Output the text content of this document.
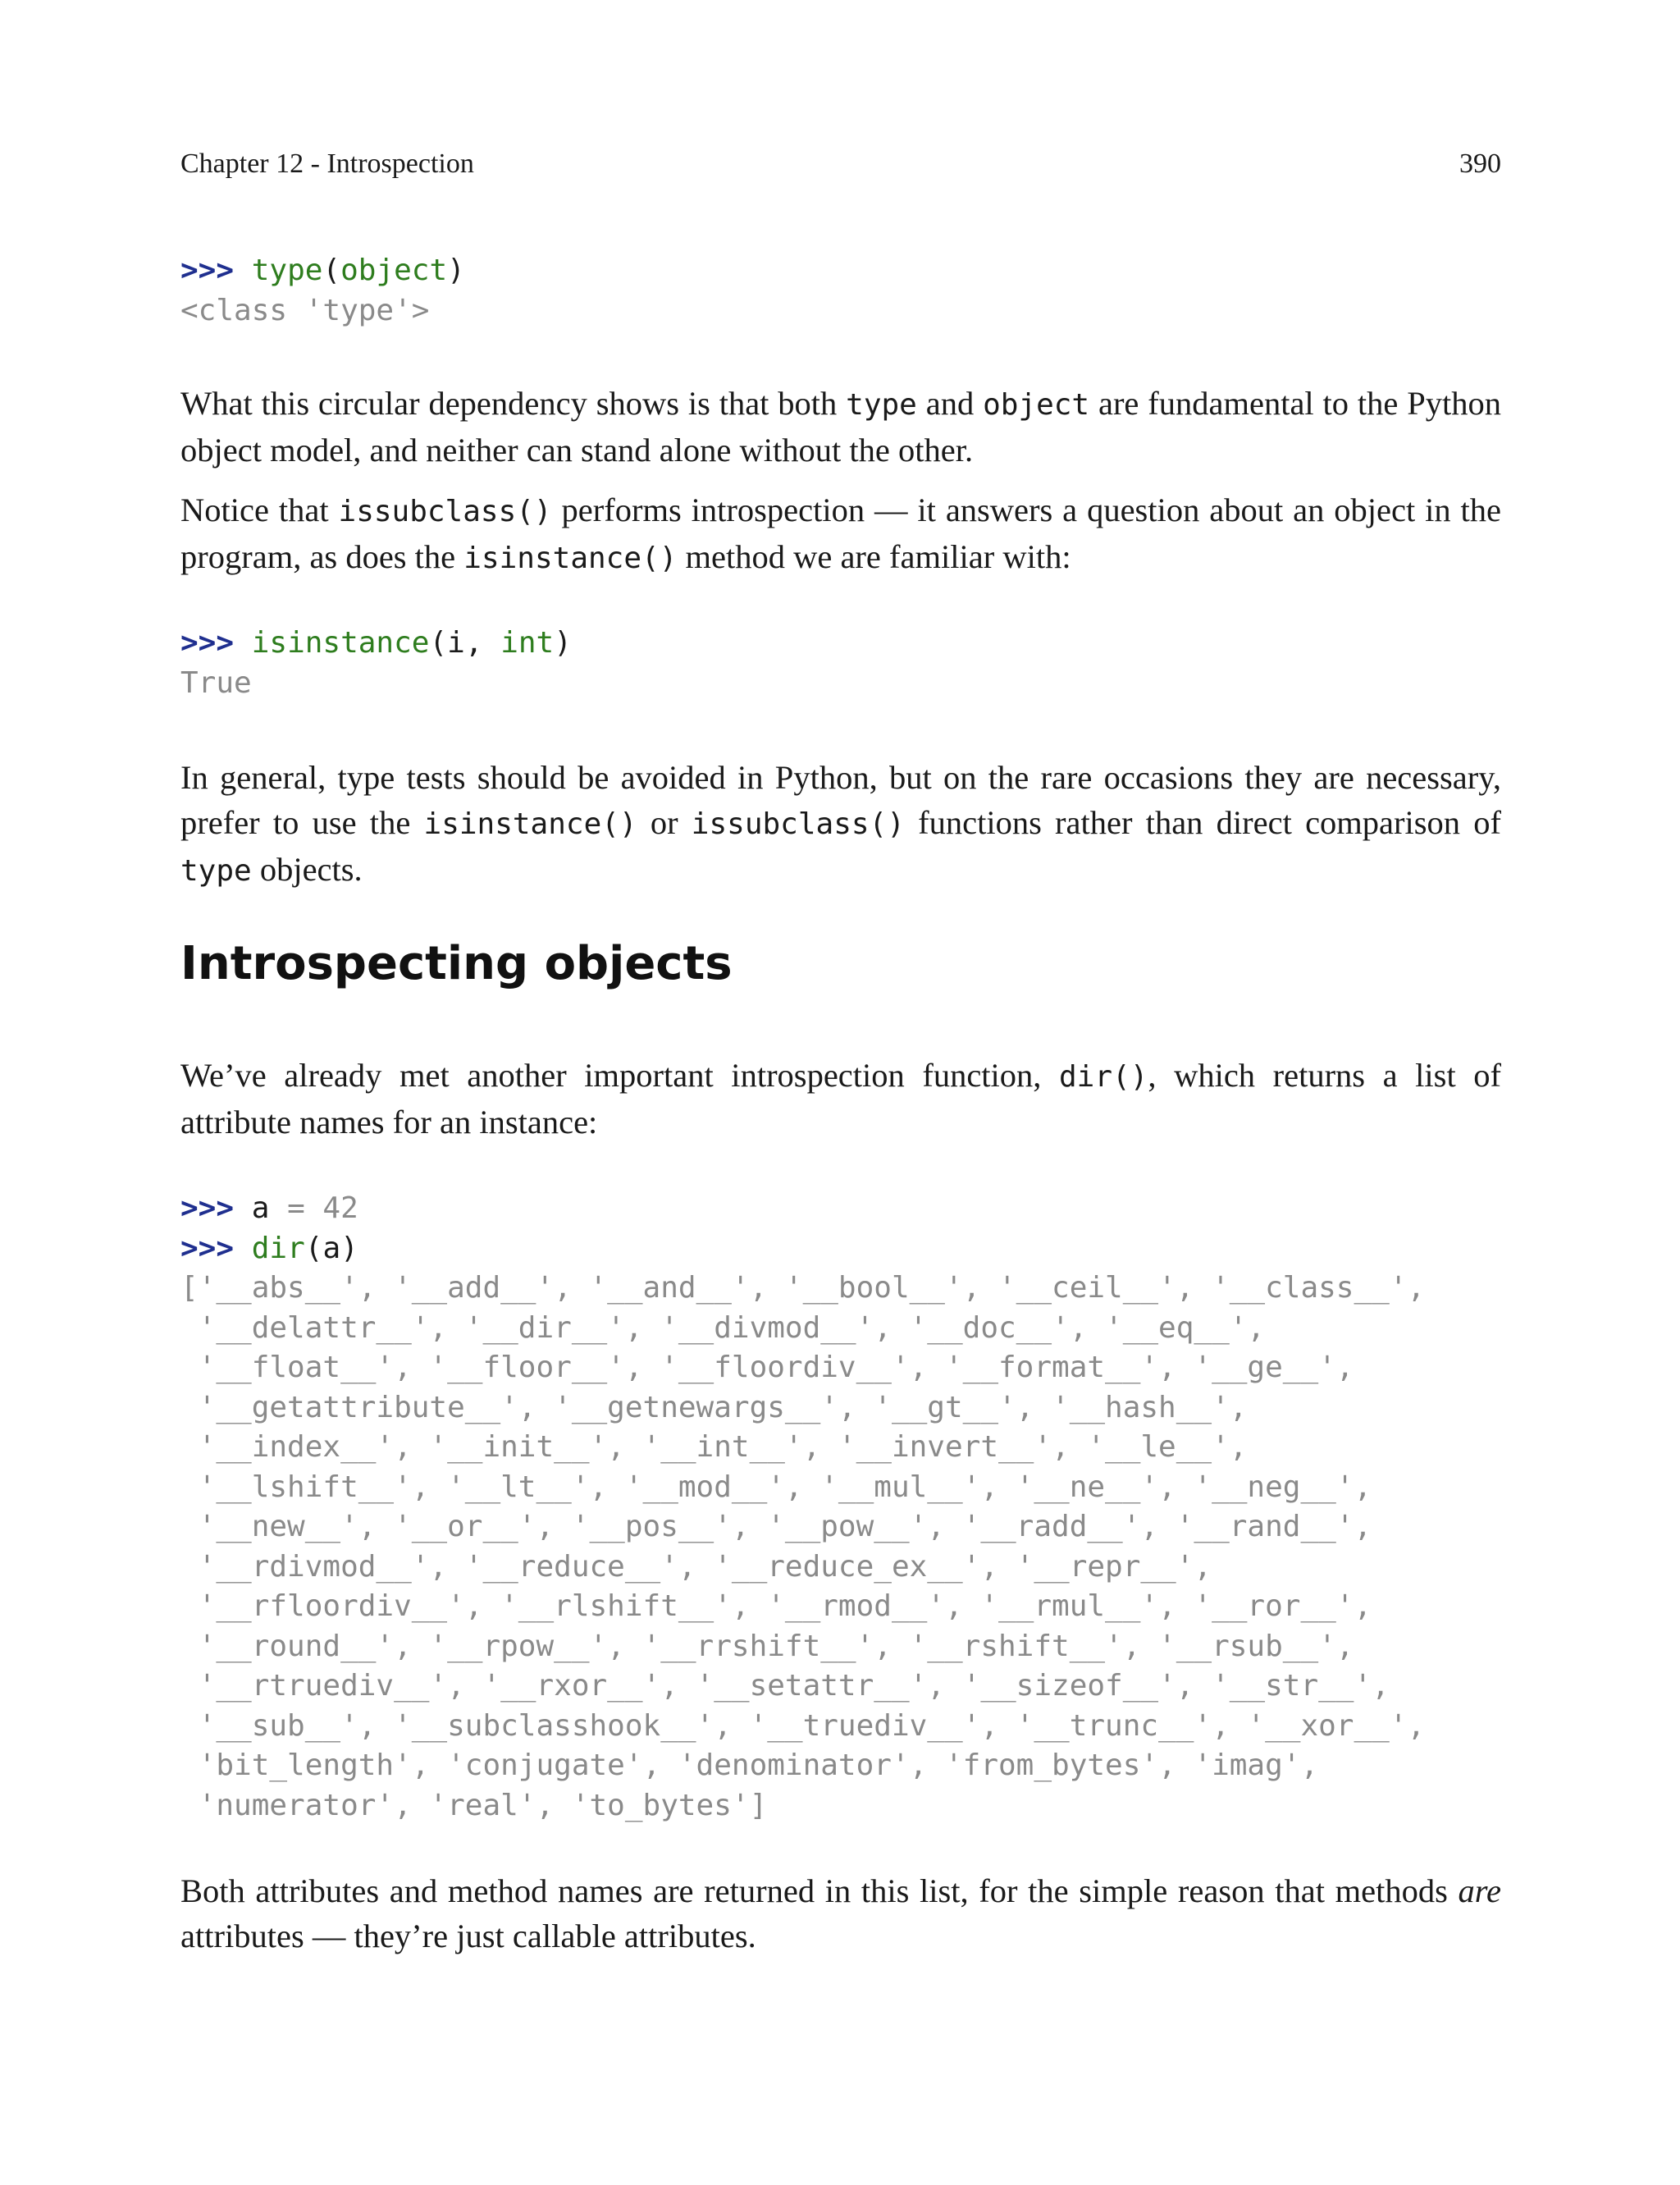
Chapter 12 - Introspection	390
>>> type(object)
<class 'type'>

What this circular dependency shows is that both type and object are fundamental to the Python object model, and neither can stand alone without the other.

Notice that issubclass() performs introspection — it answers a question about an object in the program, as does the isinstance() method we are familiar with:

>>> isinstance(i, int)
True

In general, type tests should be avoided in Python, but on the rare occasions they are necessary, prefer to use the isinstance() or issubclass() functions rather than direct comparison of type objects.

Introspecting objects

We’ve already met another important introspection function, dir(), which returns a list of attribute names for an instance:

>>> a = 42
>>> dir(a)
['__abs__', '__add__', '__and__', '__bool__', '__ceil__', '__class__',
'__delattr__', '__dir__', '__divmod__', '__doc__', '__eq__',
'__float__', '__floor__', '__floordiv__', '__format__', '__ge__',
'__getattribute__', '__getnewargs__', '__gt__', '__hash__',
'__index__', '__init__', '__int__', '__invert__', '__le__',
'__lshift__', '__lt__', '__mod__', '__mul__', '__ne__', '__neg__',
'__new__', '__or__', '__pos__', '__pow__', '__radd__', '__rand__',
'__rdivmod__', '__reduce__', '__reduce_ex__', '__repr__',
'__rfloordiv__', '__rlshift__', '__rmod__', '__rmul__', '__ror__',
'__round__', '__rpow__', '__rrshift__', '__rshift__', '__rsub__',
'__rtruediv__', '__rxor__', '__setattr__', '__sizeof__', '__str__',
'__sub__', '__subclasshook__', '__truediv__', '__trunc__', '__xor__',
'bit_length', 'conjugate', 'denominator', 'from_bytes', 'imag',
'numerator', 'real', 'to_bytes']

Both attributes and method names are returned in this list, for the simple reason that methods are attributes — they’re just callable attributes.
